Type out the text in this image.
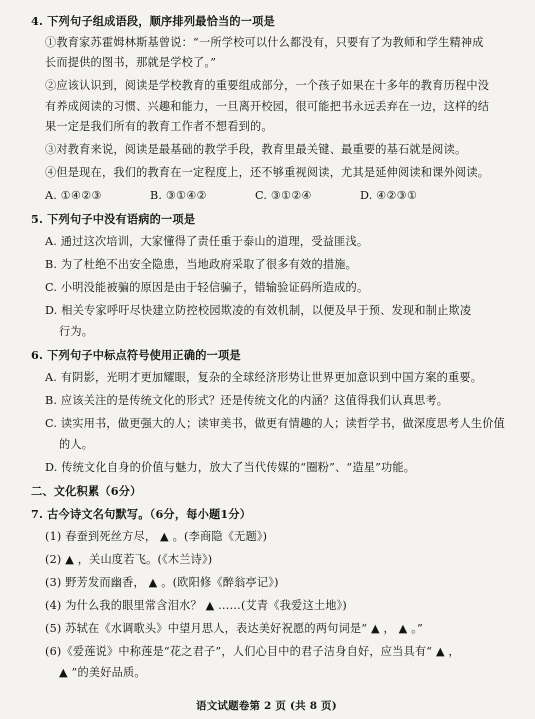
4. 下列句子组成语段，顺序排列最恰当的一项是
①教育家苏霍姆林斯基曾说：“一所学校可以什么都没有，只要有了为教师和学生精神成
长而提供的图书，那就是学校了。”
②应该认识到，阅读是学校教育的重要组成部分，一个孩子如果在十多年的教育历程中没
有养成阅读的习惯、兴趣和能力，一旦离开校园，很可能把书永远丢弃在一边，这样的结
果一定是我们所有的教育工作者不想看到的。
③对教育来说，阅读是最基础的教学手段，教育里最关键、最重要的基石就是阅读。
④但是现在，我们的教育在一定程度上，还不够重视阅读，尤其是延伸阅读和课外阅读。
A. ①④②③	B. ③①④②	C. ③①②④	D. ④②③①
5. 下列句子中没有语病的一项是
A. 通过这次培训，大家懂得了责任重于泰山的道理，受益匪浅。
B. 为了杜绝不出安全隐患，当地政府采取了很多有效的措施。
C. 小明没能被骗的原因是由于轻信骗子，错输验证码所造成的。
D. 相关专家呼吁尽快建立防控校园欺凌的有效机制，以便及早于预、发现和制止欺凌
行为。
6. 下列句子中标点符号使用正确的一项是
A. 有阴影，光明才更加耀眼，复杂的全球经济形势让世界更加意识到中国方案的重要。
B. 应该关注的是传统文化的形式？还是传统文化的内涵？这值得我们认真思考。
C. 读实用书，做更强大的人；读审美书，做更有情趣的人；读哲学书，做深度思考人生价值
的人。
D. 传统文化自身的价值与魅力，放大了当代传媒的“圈粉”、“造星”功能。
二、文化积累（6分）
7. 古今诗文名句默写。（6分，每小题1分）
(1) 春蚕到死丝方尽， ▲ 。(李商隐《无题》)
(2) ▲ ，关山度若飞。(《木兰诗》)
(3) 野芳发而幽香， ▲ 。(欧阳修《醉翁亭记》)
(4) 为什么我的眼里常含泪水？ ▲ ……(艾青《我爱这土地》)
(5) 苏轼在《水调歌头》中望月思人，表达美好祝愿的两句词是“ ▲ ， ▲ 。”
(6)《爱莲说》中称莲是“花之君子”，人们心目中的君子洁身自好，应当具有“ ▲ ，
▲ ”的美好品质。
语文试题卷第 2 页 (共 8 页)
